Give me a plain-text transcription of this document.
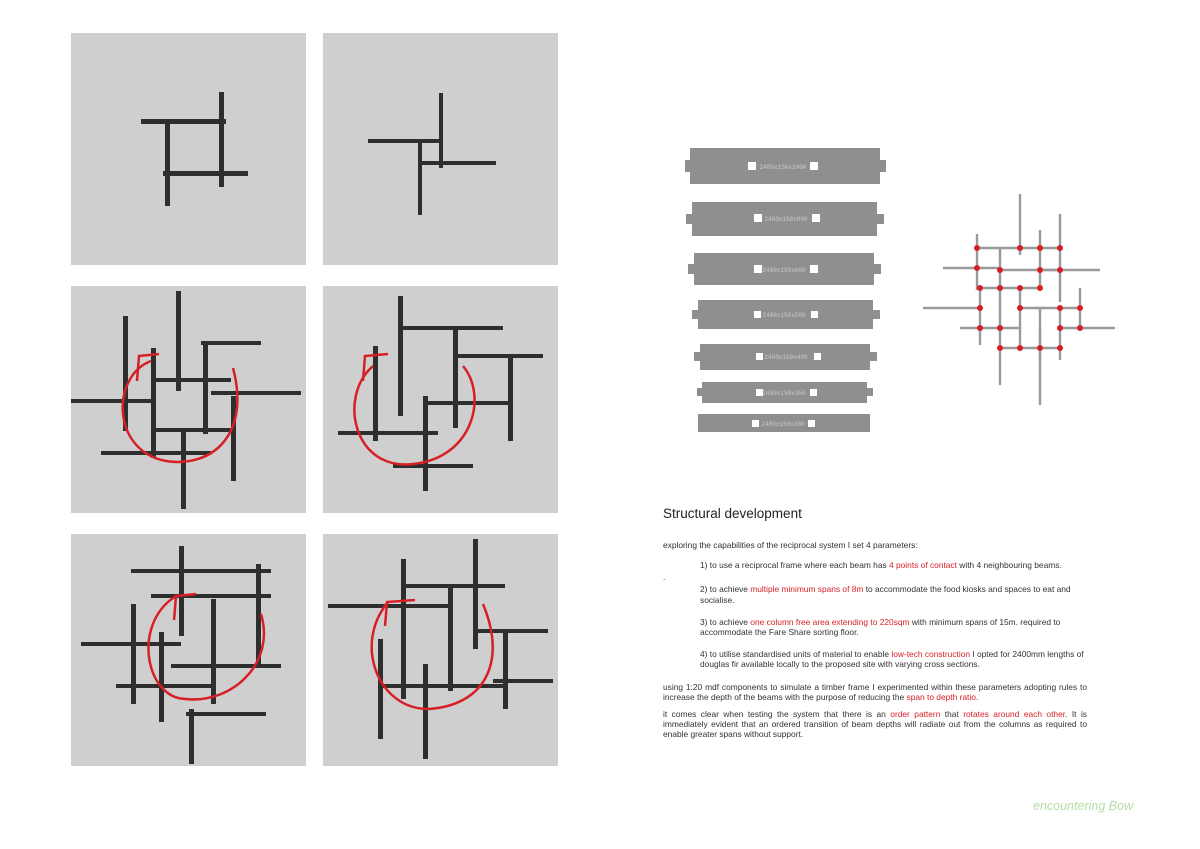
2400x150x1000
2400x150x800
2400x150x600
2400x150x500
2400x150x400
2400x150x350
2400x150x300
Structural development

exploring the capabilities of the reciprocal system I set 4 parameters:

1) to use a reciprocal frame where each beam has 4 points of contact with 4 neighbouring beams.

.

2) to achieve multiple minimum spans of 8m to accommodate the food kiosks and spaces to eat and socialise.

3) to achieve one column free area extending to 220sqm with minimum spans of 15m. required to accommodate the Fare Share sorting floor.

4) to utilise standardised units of material to enable low-tech construction I opted for 2400mm lengths of douglas fir available locally to the proposed site with varying cross sections.

using 1:20 mdf components to simulate a timber frame I experimented within these parameters adopting rules to increase the depth of the beams with the purpose of reducing the span to depth ratio.

it comes clear when testing the system that there is an order pattern that rotates around each other. It is immediately evident that an ordered transition of beam depths will radiate out from the columns as required to enable greater spans without support.

encountering Bow
